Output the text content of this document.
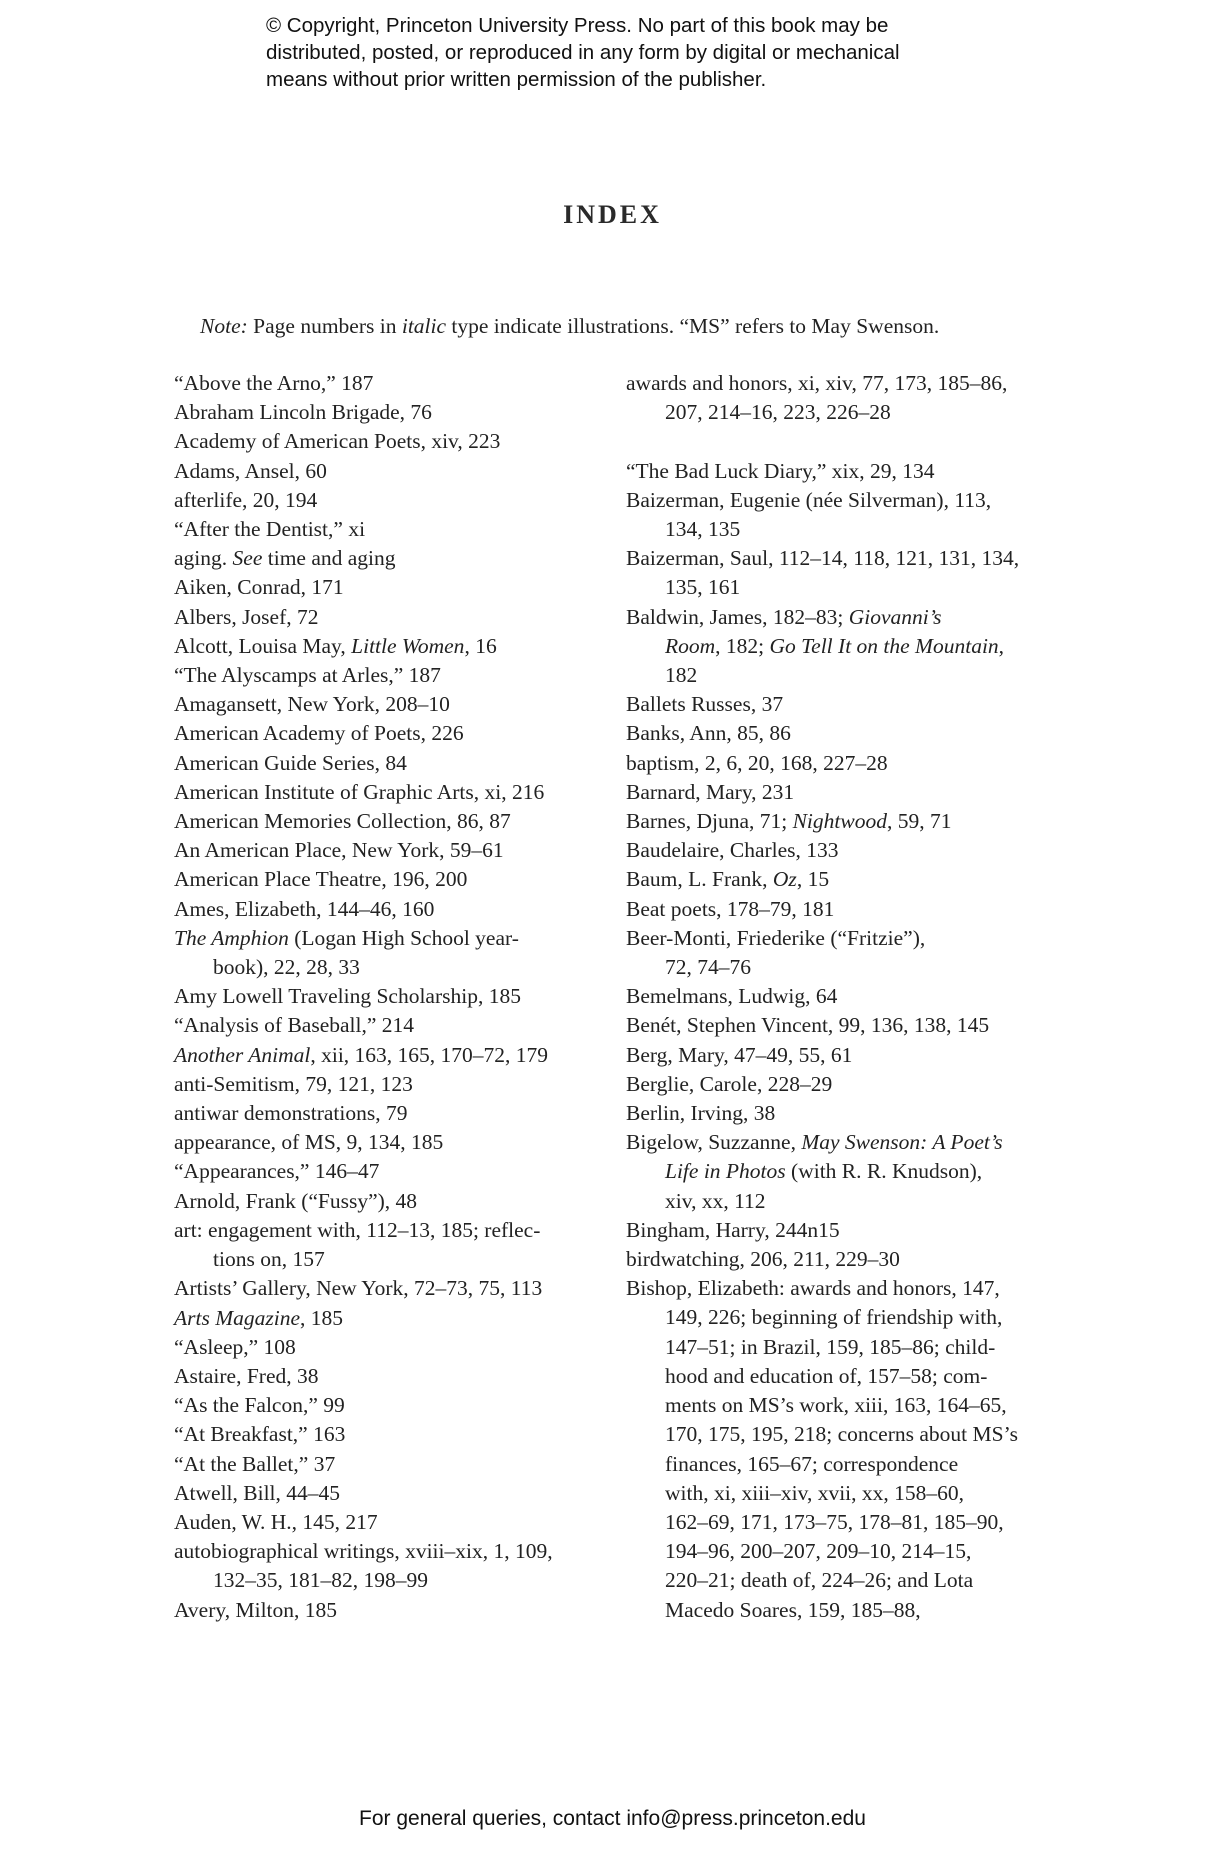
© Copyright, Princeton University Press. No part of this book may be
distributed, posted, or reproduced in any form by digital or mechanical
means without prior written permission of the publisher.
INDEX
Note: Page numbers in italic type indicate illustrations. “MS” refers to May Swenson.
“Above the Arno,” 187
Abraham Lincoln Brigade, 76
Academy of American Poets, xiv, 223
Adams, Ansel, 60
afterlife, 20, 194
“After the Dentist,” xi
aging. See time and aging
Aiken, Conrad, 171
Albers, Josef, 72
Alcott, Louisa May, Little Women, 16
“The Alyscamps at Arles,” 187
Amagansett, New York, 208–10
American Academy of Poets, 226
American Guide Series, 84
American Institute of Graphic Arts, xi, 216
American Memories Collection, 86, 87
An American Place, New York, 59–61
American Place Theatre, 196, 200
Ames, Elizabeth, 144–46, 160
The Amphion (Logan High School year-
book), 22, 28, 33
Amy Lowell Traveling Scholarship, 185
“Analysis of Baseball,” 214
Another Animal, xii, 163, 165, 170–72, 179
anti-Semitism, 79, 121, 123
antiwar demonstrations, 79
appearance, of MS, 9, 134, 185
“Appearances,” 146–47
Arnold, Frank (“Fussy”), 48
art: engagement with, 112–13, 185; reflec-
tions on, 157
Artists’ Gallery, New York, 72–73, 75, 113
Arts Magazine, 185
“Asleep,” 108
Astaire, Fred, 38
“As the Falcon,” 99
“At Breakfast,” 163
“At the Ballet,” 37
Atwell, Bill, 44–45
Auden, W. H., 145, 217
autobiographical writings, xviii–xix, 1, 109,
132–35, 181–82, 198–99
Avery, Milton, 185
awards and honors, xi, xiv, 77, 173, 185–86,
207, 214–16, 223, 226–28
“The Bad Luck Diary,” xix, 29, 134
Baizerman, Eugenie (née Silverman), 113,
134, 135
Baizerman, Saul, 112–14, 118, 121, 131, 134,
135, 161
Baldwin, James, 182–83; Giovanni’s
Room, 182; Go Tell It on the Mountain,
182
Ballets Russes, 37
Banks, Ann, 85, 86
baptism, 2, 6, 20, 168, 227–28
Barnard, Mary, 231
Barnes, Djuna, 71; Nightwood, 59, 71
Baudelaire, Charles, 133
Baum, L. Frank, Oz, 15
Beat poets, 178–79, 181
Beer-Monti, Friederike (“Fritzie”),
72, 74–76
Bemelmans, Ludwig, 64
Benét, Stephen Vincent, 99, 136, 138, 145
Berg, Mary, 47–49, 55, 61
Berglie, Carole, 228–29
Berlin, Irving, 38
Bigelow, Suzzanne, May Swenson: A Poet’s
Life in Photos (with R. R. Knudson),
xiv, xx, 112
Bingham, Harry, 244n15
birdwatching, 206, 211, 229–30
Bishop, Elizabeth: awards and honors, 147,
149, 226; beginning of friendship with,
147–51; in Brazil, 159, 185–86; child-
hood and education of, 157–58; com-
ments on MS’s work, xiii, 163, 164–65,
170, 175, 195, 218; concerns about MS’s
finances, 165–67; correspondence
with, xi, xiii–xiv, xvii, xx, 158–60,
162–69, 171, 173–75, 178–81, 185–90,
194–96, 200–207, 209–10, 214–15,
220–21; death of, 224–26; and Lota
Macedo Soares, 159, 185–88,
For general queries, contact info@press.princeton.edu
